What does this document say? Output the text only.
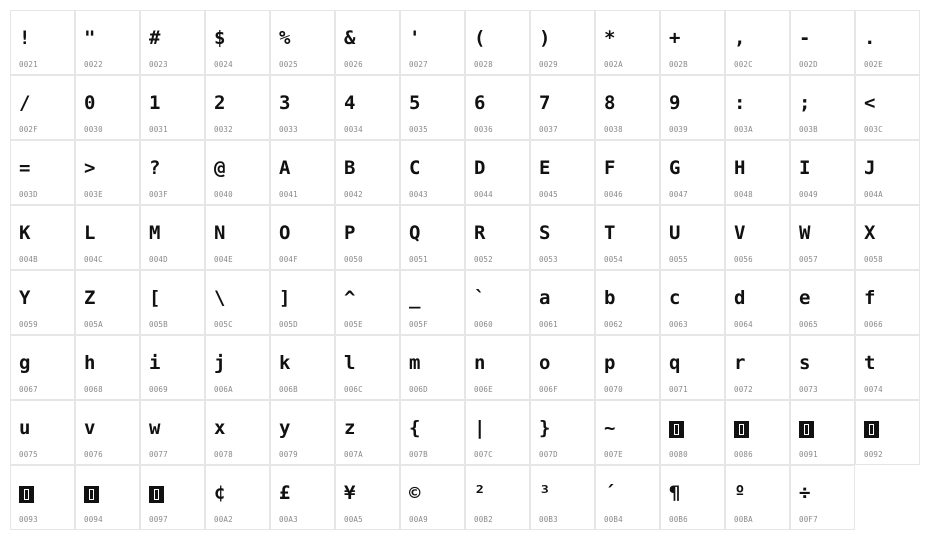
!
0021
"
0022
#
0023
$
0024
%
0025
&
0026
'
0027
(
0028
)
0029
*
002A
+
002B
,
002C
-
002D
.
002E
/
002F
0
0030
1
0031
2
0032
3
0033
4
0034
5
0035
6
0036
7
0037
8
0038
9
0039
:
003A
;
003B
<
003C
=
003D
>
003E
?
003F
@
0040
A
0041
B
0042
C
0043
D
0044
E
0045
F
0046
G
0047
H
0048
I
0049
J
004A
K
004B
L
004C
M
004D
N
004E
O
004F
P
0050
Q
0051
R
0052
S
0053
T
0054
U
0055
V
0056
W
0057
X
0058
Y
0059
Z
005A
[
005B
\
005C
]
005D
^
005E
_
005F
`
0060
a
0061
b
0062
c
0063
d
0064
e
0065
f
0066
g
0067
h
0068
i
0069
j
006A
k
006B
l
006C
m
006D
n
006E
o
006F
p
0070
q
0071
r
0072
s
0073
t
0074
u
0075
v
0076
w
0077
x
0078
y
0079
z
007A
{
007B
|
007C
}
007D
~
007E	0080	0086	0091	0092
0093	0094	0097
¢
00A2
£
00A3
¥
00A5
©
00A9
²
00B2
³
00B3
´
00B4
¶
00B6
º
00BA
÷
00F7
